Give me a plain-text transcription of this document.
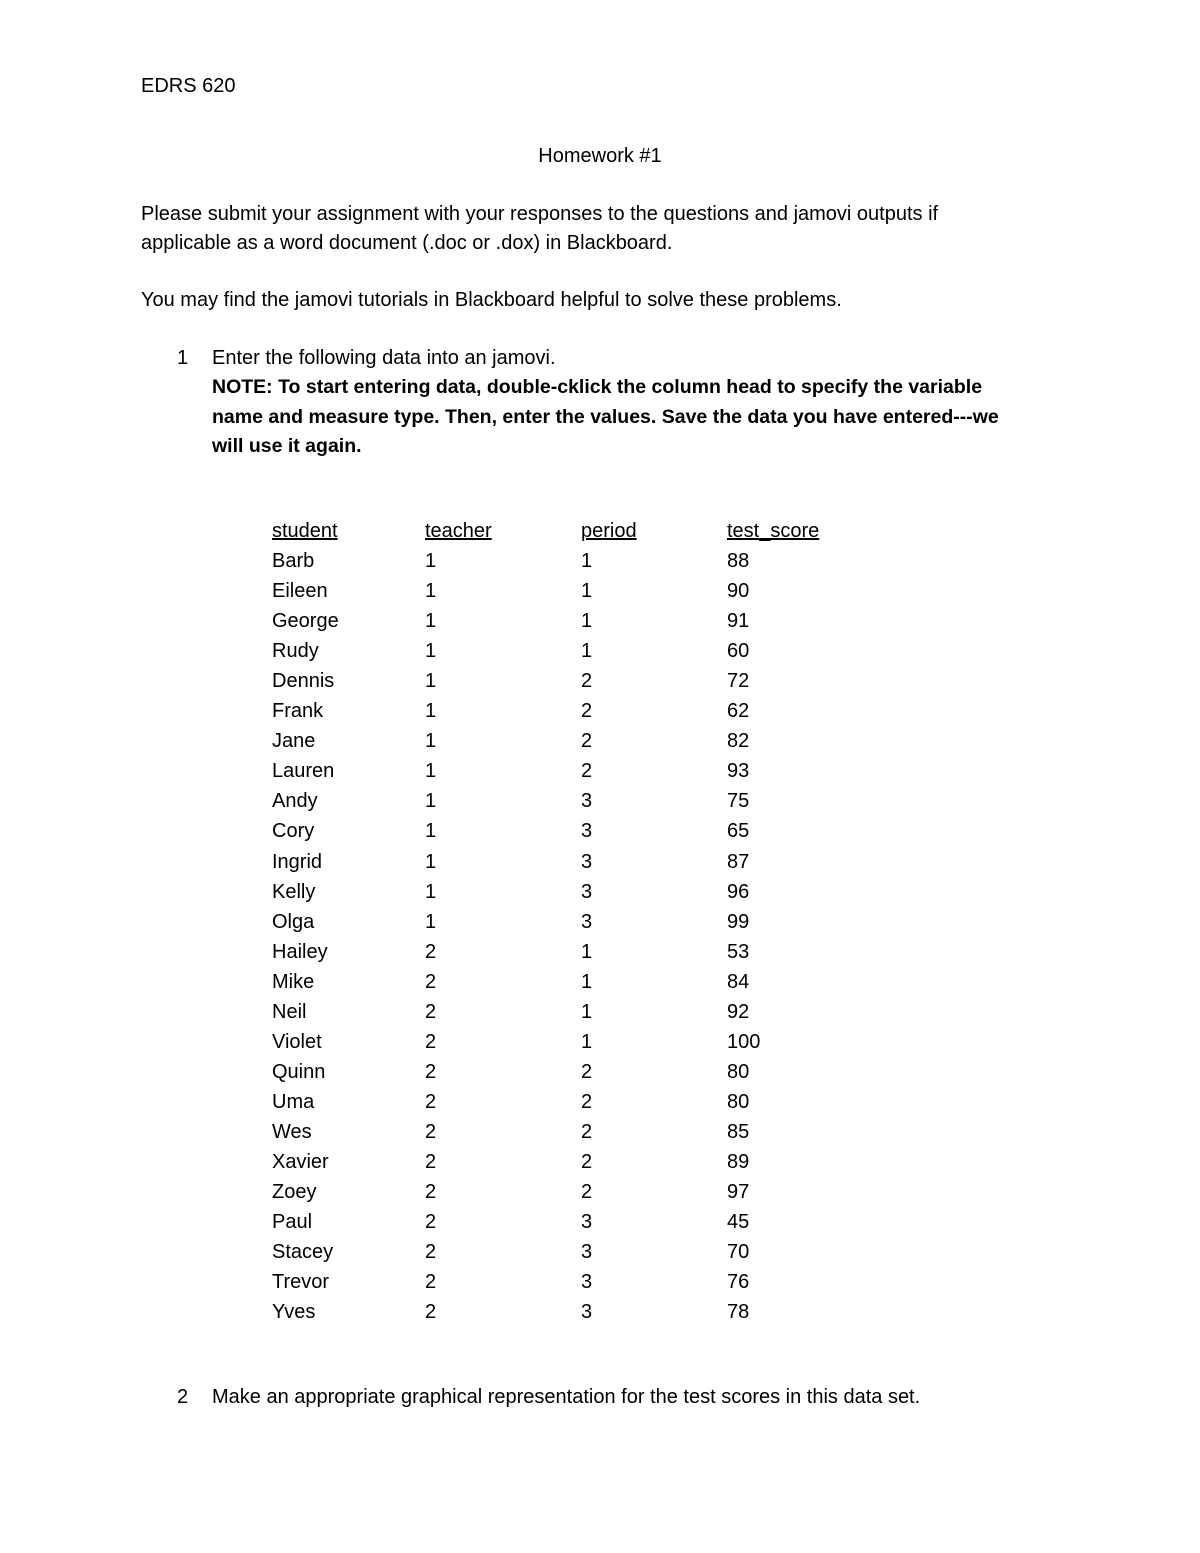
EDRS 620
Homework #1
Please submit your assignment with your responses to the questions and jamovi outputs if
applicable as a word document (.doc or .dox) in Blackboard.
You may find the jamovi tutorials in Blackboard helpful to solve these problems.
1 Enter the following data into an jamovi.
NOTE: To start entering data, double-cklick the column head to specify the variable
name and measure type. Then, enter the values. Save the data you have entered---we
will use it again.
student	teacher	period	test_score
Barb	1	1	88
Eileen	1	1	90
George	1	1	91
Rudy	1	1	60
Dennis	1	2	72
Frank	1	2	62
Jane	1	2	82
Lauren	1	2	93
Andy	1	3	75
Cory	1	3	65
Ingrid	1	3	87
Kelly	1	3	96
Olga	1	3	99
Hailey	2	1	53
Mike	2	1	84
Neil	2	1	92
Violet	2	1	100
Quinn	2	2	80
Uma	2	2	80
Wes	2	2	85
Xavier	2	2	89
Zoey	2	2	97
Paul	2	3	45
Stacey	2	3	70
Trevor	2	3	76
Yves	2	3	78
2 Make an appropriate graphical representation for the test scores in this data set.
